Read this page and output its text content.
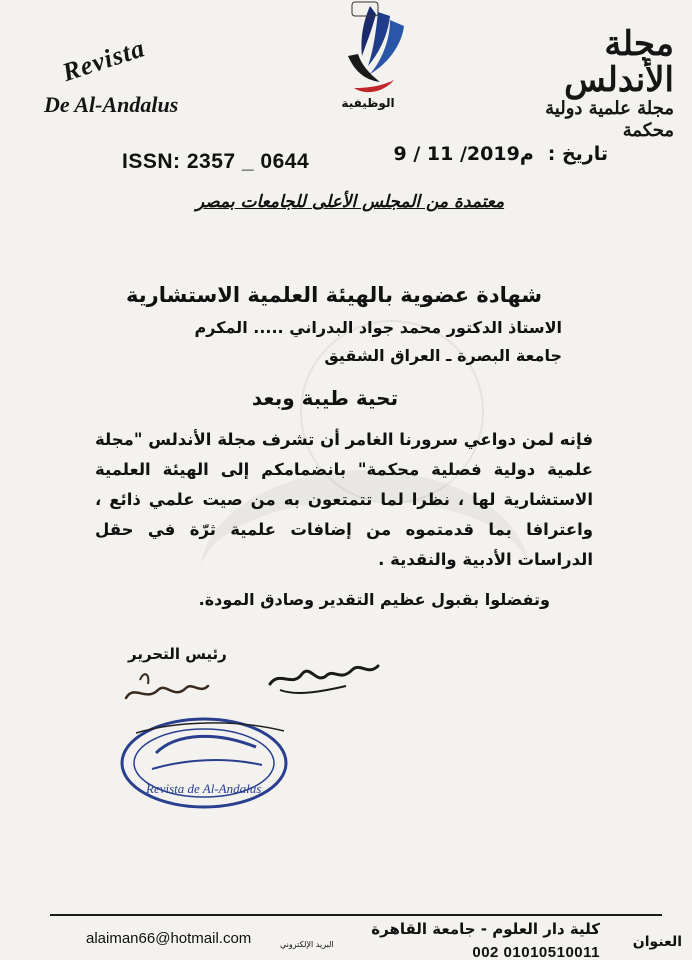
Revista
De Al-Andalus	الوظيفية
مجلة الأندلس
مجلة علمية دولية محكمة
ISSN: 2357 _ 0644	تاريخ :9 / 11 /2019م
معتمدة من المجلس الأعلى للجامعات بمصر
شهادة عضوية بالهيئة العلمية الاستشارية
الاستاذ الدكتور محمد جواد البدراني ..... المكرم
جامعة البصرة ـ العراق الشقيق
تحية طيبة وبعد
فإنه لمن دواعي سرورنا الغامر أن تشرف مجلة الأندلس "مجلة علمية دولية فصلية محكمة" بانضمامكم إلى الهيئة العلمية الاستشارية لها ، نظرا لما تتمتعون به من صيت علمي ذائع ، واعترافا بما قدمتموه من إضافات علمية ثرّة في حقل الدراسات الأدبية والنقدية .
وتفضلوا بقبول عظيم التقدير وصادق المودة.
رئيس التحرير
Revista de Al-Andalus
alaiman66@hotmail.com	البريد الإلكتروني
كلية دار العلوم - جامعة القاهرة
002 01010510011
العنوان
